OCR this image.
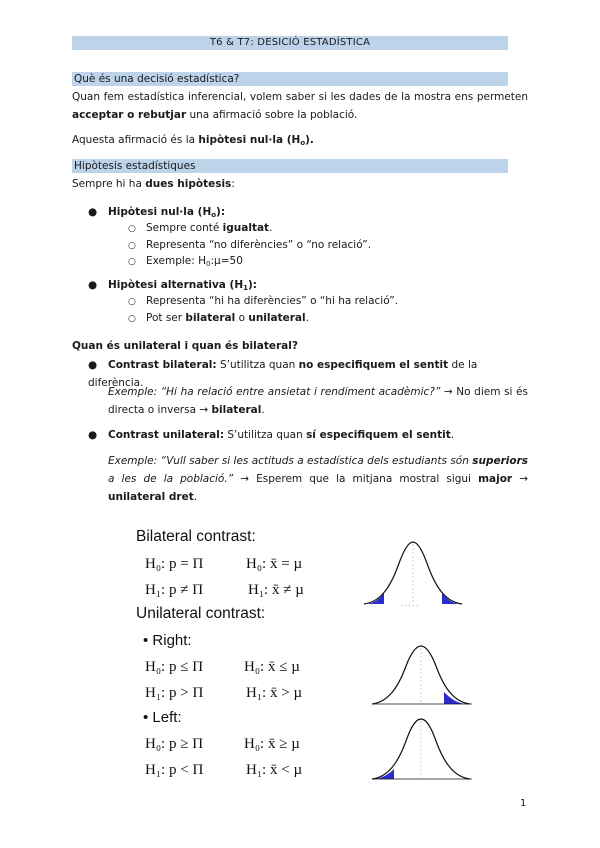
T6 & T7: DESICIÓ ESTADÍSTICA
Què és una decisió estadística?
Quan fem estadística inferencial, volem saber si les dades de la mostra ens permeten acceptar o rebutjar una afirmació sobre la població.
Aquesta afirmació és la hipòtesi nul·la $(H_o)$.
Hipòtesis estadístiques
Sempre hi ha dues hipòtesis:
● Hipòtesi nul·la $(H_o)$:
○ Sempre conté igualtat.
○ Representa “no diferències” o “no relació”.
○ Exemple: $H_0:\mu=50$
● Hipòtesi alternativa $(H_1)$:
○ Representa “hi ha diferències” o “hi ha relació”.
○ Pot ser bilateral o unilateral.
Quan és unilateral i quan és bilateral?
● Contrast bilateral: S’utilitza quan no especifiquem el sentit de la diferència.
Exemple: “Hi ha relació entre ansietat i rendiment acadèmic?” → No diem si és directa o inversa → bilateral.
● Contrast unilateral: S’utilitza quan sí especifiquem el sentit.
Exemple: “Vull saber si les actituds a estadística dels estudiants són superiors a les de la població.” → Esperem que la mitjana mostral sigui major → unilateral dret.
Bilateral contrast:
H₀: p = Π	H₀: x̄ = µ
H₁: p ≠ Π	H₁: x̄ ≠ µ
Unilateral contrast:
• Right:
H₀: p ≤ Π	H₀: x̄ ≤ µ
H₁: p > Π	H₁: x̄ > µ
• Left:
H₀: p ≥ Π	H₀: x̄ ≥ µ
H₁: p < Π	H₁: x̄ < µ
· · · · ·
1
